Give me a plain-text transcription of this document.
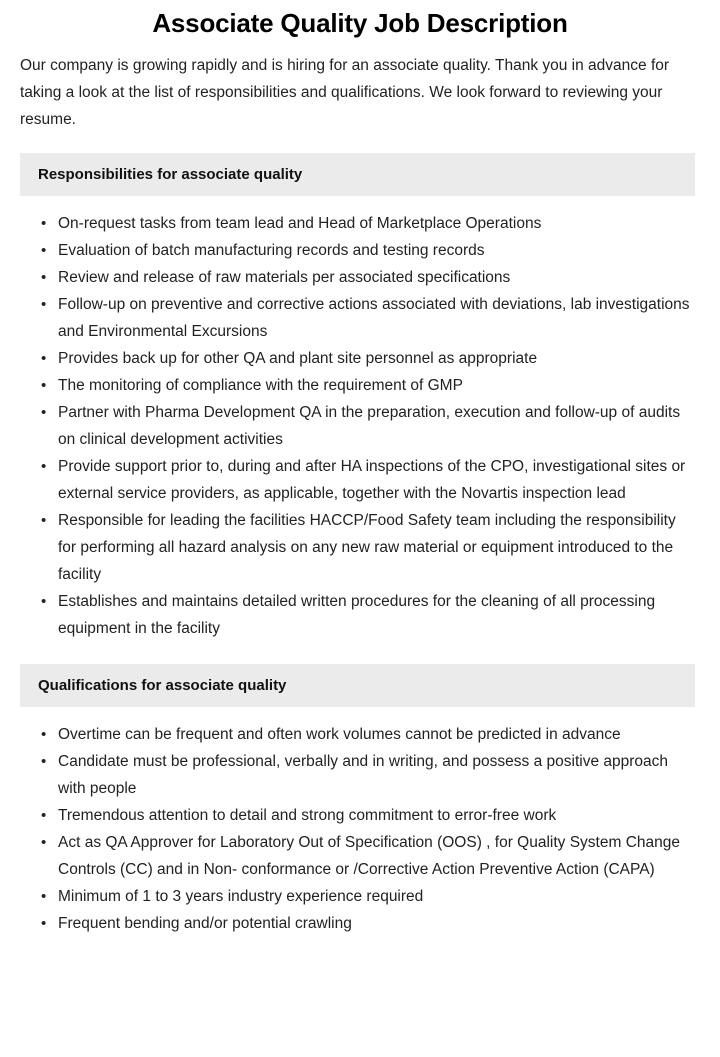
Associate Quality Job Description

Our company is growing rapidly and is hiring for an associate quality. Thank you in advance for taking a look at the list of responsibilities and qualifications. We look forward to reviewing your resume.

Responsibilities for associate quality
• On-request tasks from team lead and Head of Marketplace Operations
• Evaluation of batch manufacturing records and testing records
• Review and release of raw materials per associated specifications
• Follow-up on preventive and corrective actions associated with deviations, lab investigations and Environmental Excursions
• Provides back up for other QA and plant site personnel as appropriate
• The monitoring of compliance with the requirement of GMP
• Partner with Pharma Development QA in the preparation, execution and follow-up of audits on clinical development activities
• Provide support prior to, during and after HA inspections of the CPO, investigational sites or external service providers, as applicable, together with the Novartis inspection lead
• Responsible for leading the facilities HACCP/Food Safety team including the responsibility for performing all hazard analysis on any new raw material or equipment introduced to the facility
• Establishes and maintains detailed written procedures for the cleaning of all processing equipment in the facility
Qualifications for associate quality
• Overtime can be frequent and often work volumes cannot be predicted in advance
• Candidate must be professional, verbally and in writing, and possess a positive approach with people
• Tremendous attention to detail and strong commitment to error-free work
• Act as QA Approver for Laboratory Out of Specification (OOS) , for Quality System Change Controls (CC) and in Non- conformance or /Corrective Action Preventive Action (CAPA)
• Minimum of 1 to 3 years industry experience required
• Frequent bending and/or potential crawling
